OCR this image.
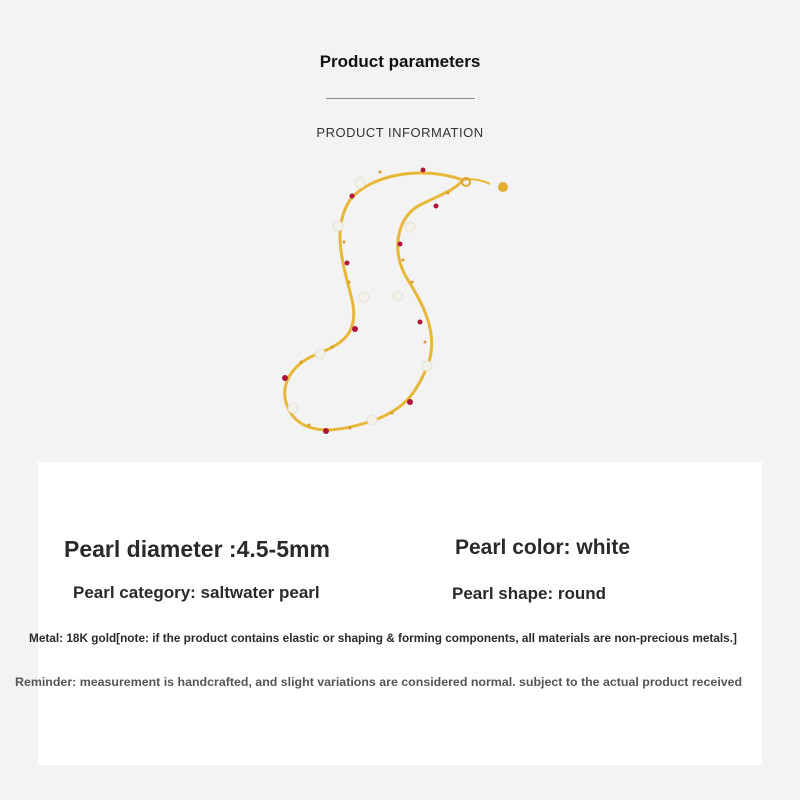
Product parameters
PRODUCT INFORMATION
Pearl diameter :4.5-5mm	Pearl color: white
Pearl category: saltwater pearl	Pearl shape: round
Metal: 18K gold[note: if the product contains elastic or shaping & forming components, all materials are non-precious metals.]
Reminder: measurement is handcrafted, and slight variations are considered normal. subject to the actual product received
